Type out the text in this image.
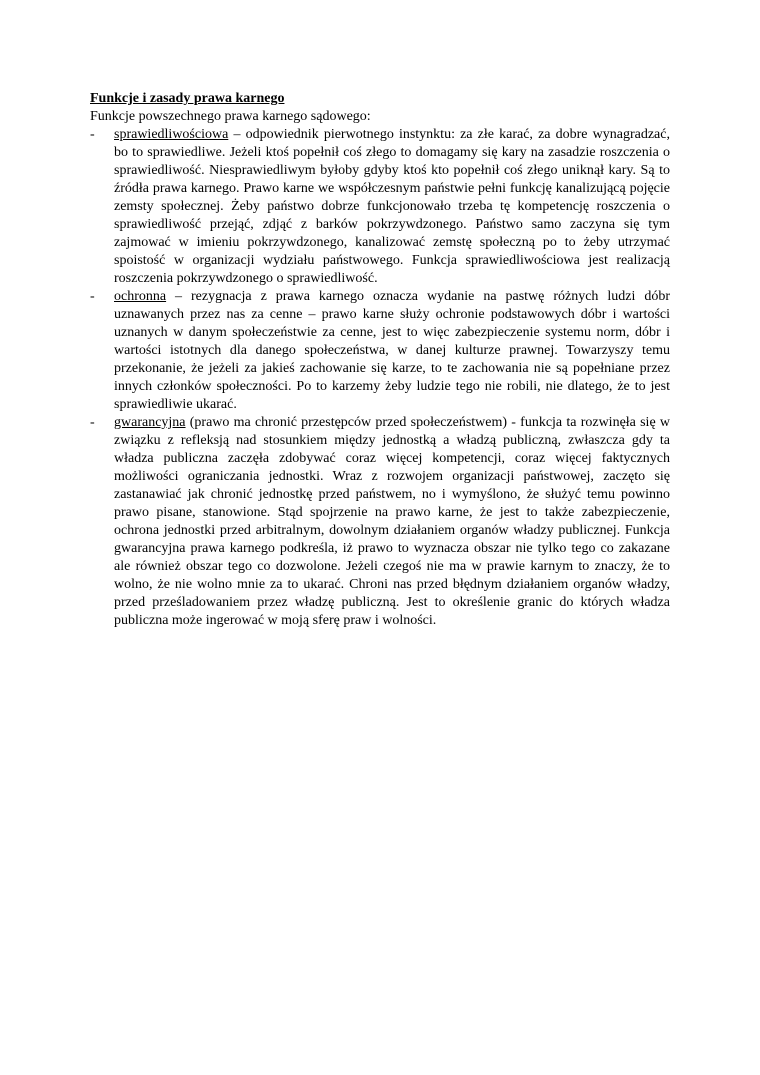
Funkcje i zasady prawa karnego

Funkcje powszechnego prawa karnego sądowego:

- sprawiedliwościowa – odpowiednik pierwotnego instynktu: za złe karać, za dobre wynagradzać, bo to sprawiedliwe. Jeżeli ktoś popełnił coś złego to domagamy się kary na zasadzie roszczenia o sprawiedliwość. Niesprawiedliwym byłoby gdyby ktoś kto popełnił coś złego uniknął kary. Są to źródła prawa karnego. Prawo karne we współczesnym państwie pełni funkcję kanalizującą pojęcie zemsty społecznej. Żeby państwo dobrze funkcjonowało trzeba tę kompetencję roszczenia o sprawiedliwość przejąć, zdjąć z barków pokrzywdzonego. Państwo samo zaczyna się tym zajmować w imieniu pokrzywdzonego, kanalizować zemstę społeczną po to żeby utrzymać spoistość w organizacji wydziału państwowego. Funkcja sprawiedliwościowa jest realizacją roszczenia pokrzywdzonego o sprawiedliwość.
- ochronna – rezygnacja z prawa karnego oznacza wydanie na pastwę różnych ludzi dóbr uznawanych przez nas za cenne – prawo karne służy ochronie podstawowych dóbr i wartości uznanych w danym społeczeństwie za cenne, jest to więc zabezpieczenie systemu norm, dóbr i wartości istotnych dla danego społeczeństwa, w danej kulturze prawnej. Towarzyszy temu przekonanie, że jeżeli za jakieś zachowanie się karze, to te zachowania nie są popełniane przez innych członków społeczności. Po to karzemy żeby ludzie tego nie robili, nie dlatego, że to jest sprawiedliwie ukarać.
- gwarancyjna (prawo ma chronić przestępców przed społeczeństwem) - funkcja ta rozwinęła się w związku z refleksją nad stosunkiem między jednostką a władzą publiczną, zwłaszcza gdy ta władza publiczna zaczęła zdobywać coraz więcej kompetencji, coraz więcej faktycznych możliwości ograniczania jednostki. Wraz z rozwojem organizacji państwowej, zaczęto się zastanawiać jak chronić jednostkę przed państwem, no i wymyślono, że służyć temu powinno prawo pisane, stanowione. Stąd spojrzenie na prawo karne, że jest to także zabezpieczenie, ochrona jednostki przed arbitralnym, dowolnym działaniem organów władzy publicznej. Funkcja gwarancyjna prawa karnego podkreśla, iż prawo to wyznacza obszar nie tylko tego co zakazane ale również obszar tego co dozwolone. Jeżeli czegoś nie ma w prawie karnym to znaczy, że to wolno, że nie wolno mnie za to ukarać. Chroni nas przed błędnym działaniem organów władzy, przed prześladowaniem przez władzę publiczną. Jest to określenie granic do których władza publiczna może ingerować w moją sferę praw i wolności.
